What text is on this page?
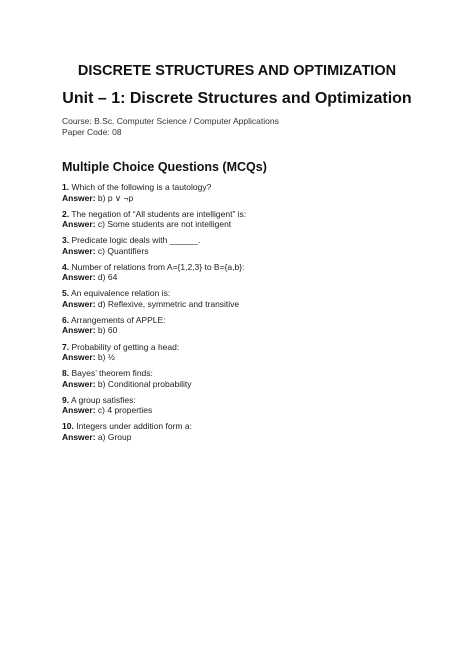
DISCRETE STRUCTURES AND OPTIMIZATION
Unit – 1: Discrete Structures and Optimization
Course: B.Sc. Computer Science / Computer Applications
Paper Code: 08
Multiple Choice Questions (MCQs)
1. Which of the following is a tautology?
Answer: b) p ∨ ¬p
2. The negation of “All students are intelligent” is:
Answer: c) Some students are not intelligent
3. Predicate logic deals with ______.
Answer: c) Quantifiers
4. Number of relations from A={1,2,3} to B={a,b}:
Answer: d) 64
5. An equivalence relation is:
Answer: d) Reflexive, symmetric and transitive
6. Arrangements of APPLE:
Answer: b) 60
7. Probability of getting a head:
Answer: b) ½
8. Bayes’ theorem finds:
Answer: b) Conditional probability
9. A group satisfies:
Answer: c) 4 properties
10. Integers under addition form a:
Answer: a) Group
